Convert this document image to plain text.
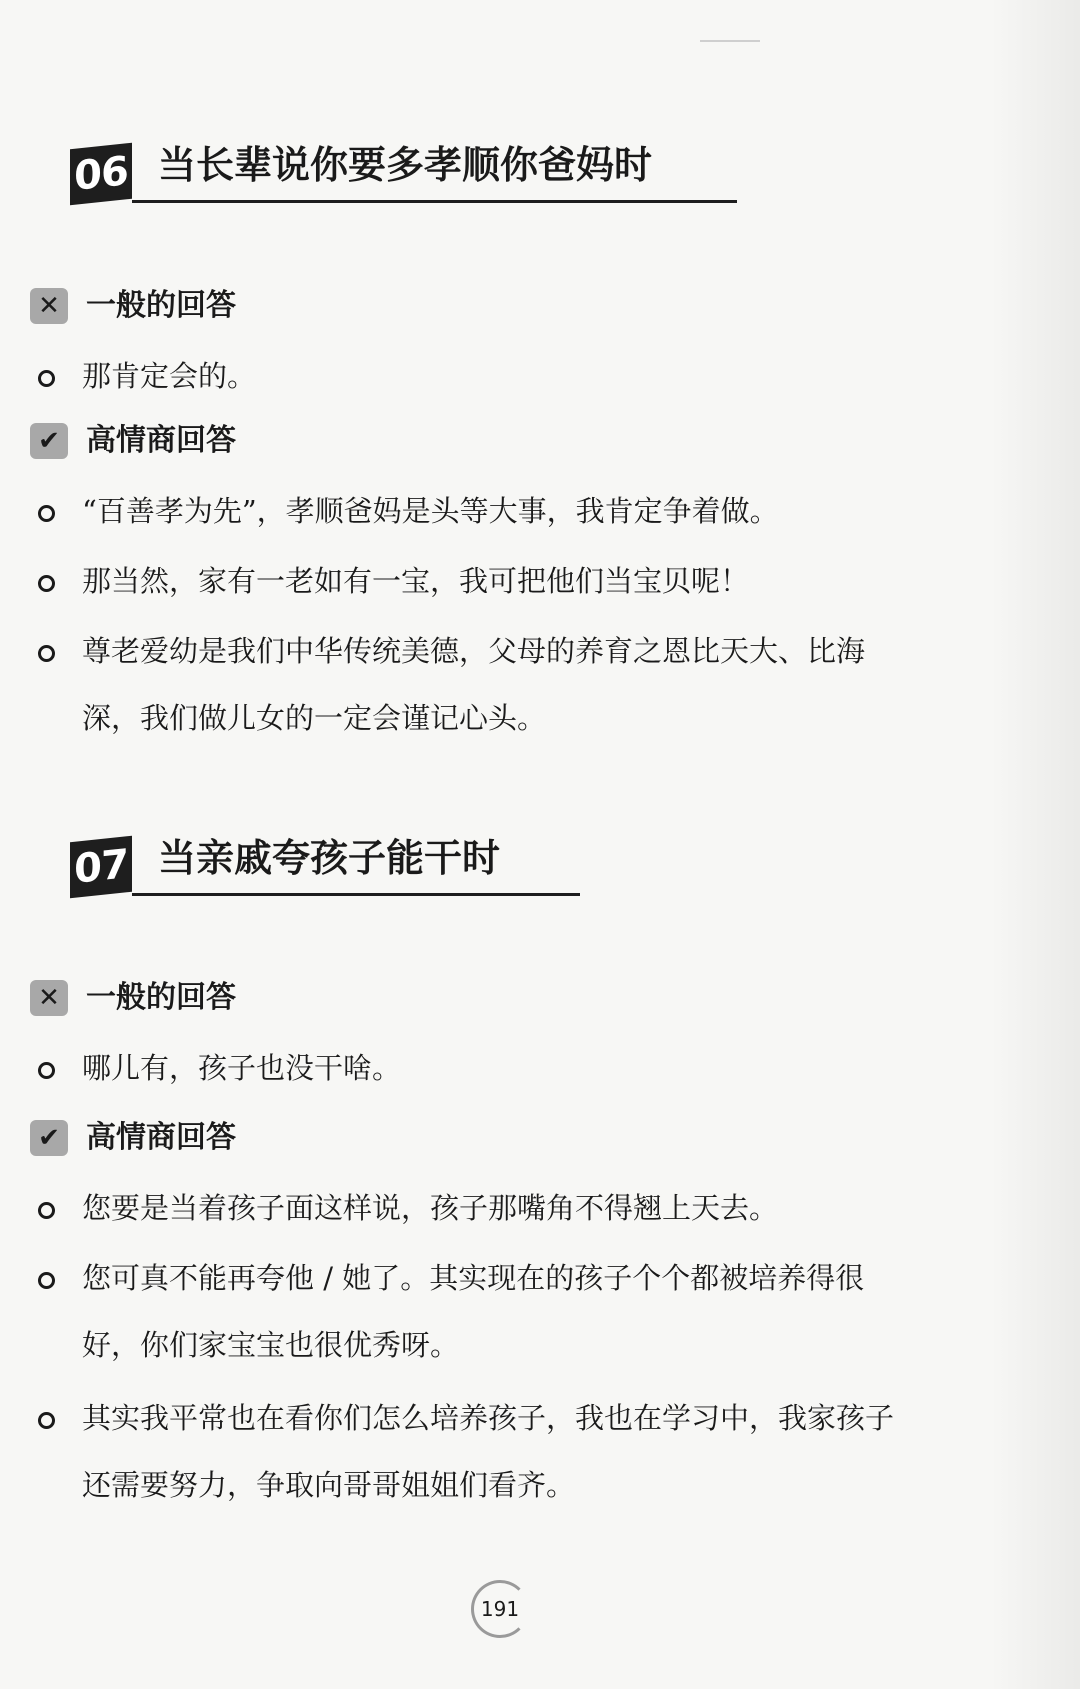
06 当长辈说你要多孝顺你爸妈时
✕ 一般的回答
那肯定会的。
✔ 高情商回答
“百善孝为先”，孝顺爸妈是头等大事，我肯定争着做。
那当然，家有一老如有一宝，我可把他们当宝贝呢！
尊老爱幼是我们中华传统美德，父母的养育之恩比天大、比海深，我们做儿女的一定会谨记心头。
07 当亲戚夸孩子能干时
✕ 一般的回答
哪儿有，孩子也没干啥。
✔ 高情商回答
您要是当着孩子面这样说，孩子那嘴角不得翘上天去。
您可真不能再夸他 / 她了。其实现在的孩子个个都被培养得很好，你们家宝宝也很优秀呀。
其实我平常也在看你们怎么培养孩子，我也在学习中，我家孩子还需要努力，争取向哥哥姐姐们看齐。
191
